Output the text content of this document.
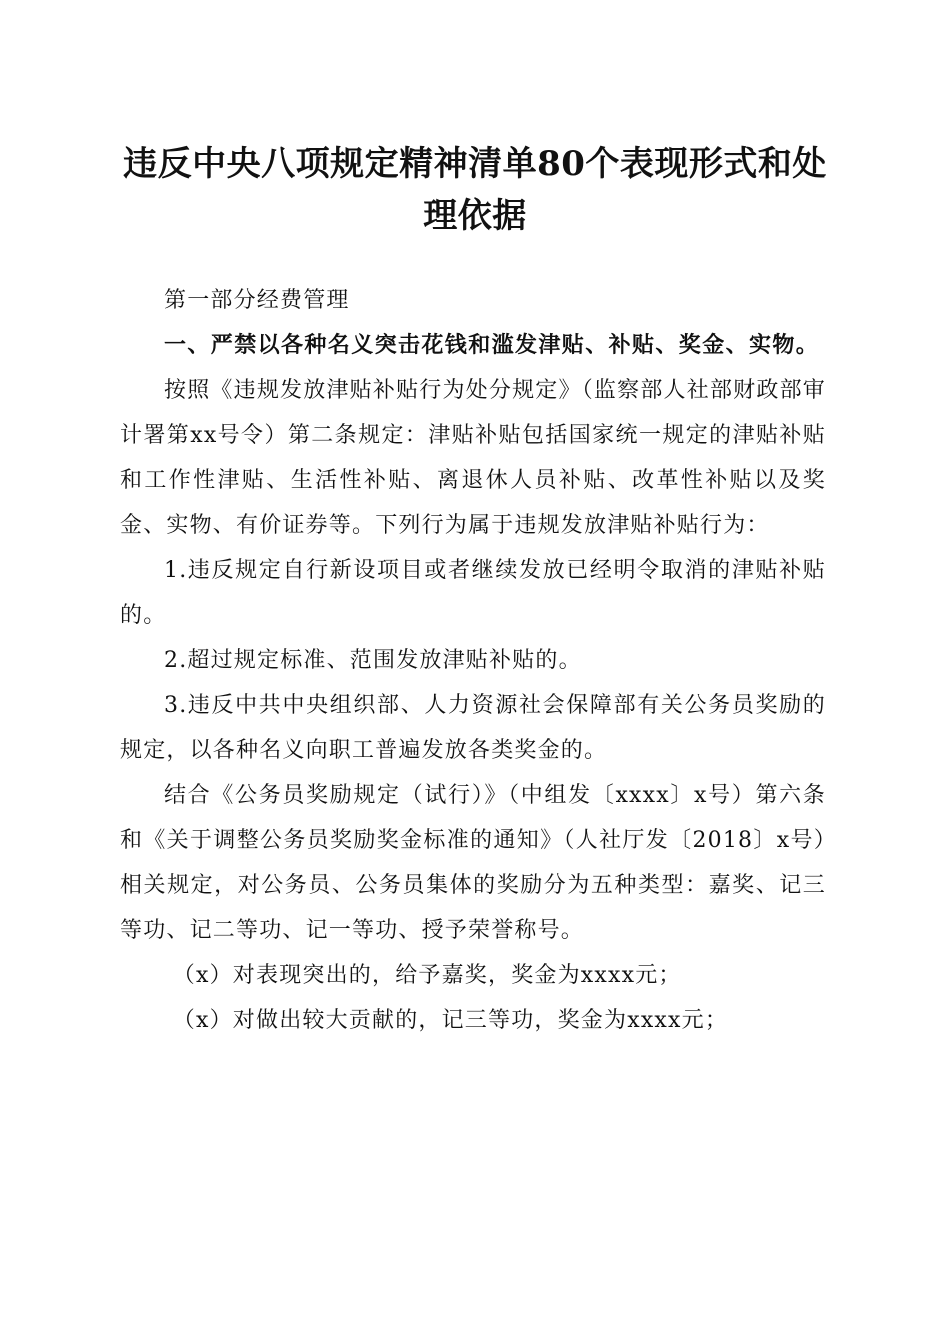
违反中央八项规定精神清单80个表现形式和处理依据

第一部分经费管理

一、严禁以各种名义突击花钱和滥发津贴、补贴、奖金、实物。

按照《违规发放津贴补贴行为处分规定》（监察部人社部财政部审计署第xx号令）第二条规定：津贴补贴包括国家统一规定的津贴补贴和工作性津贴、生活性补贴、离退休人员补贴、改革性补贴以及奖金、实物、有价证券等。下列行为属于违规发放津贴补贴行为：

1.违反规定自行新设项目或者继续发放已经明令取消的津贴补贴的。

2.超过规定标准、范围发放津贴补贴的。

3.违反中共中央组织部、人力资源社会保障部有关公务员奖励的规定，以各种名义向职工普遍发放各类奖金的。

结合《公务员奖励规定（试行）》（中组发〔xxxx〕x号）第六条和《关于调整公务员奖励奖金标准的通知》（人社厅发〔2018〕x号）相关规定，对公务员、公务员集体的奖励分为五种类型：嘉奖、记三等功、记二等功、记一等功、授予荣誉称号。

（x）对表现突出的，给予嘉奖，奖金为xxxx元；

（x）对做出较大贡献的，记三等功，奖金为xxxx元；
